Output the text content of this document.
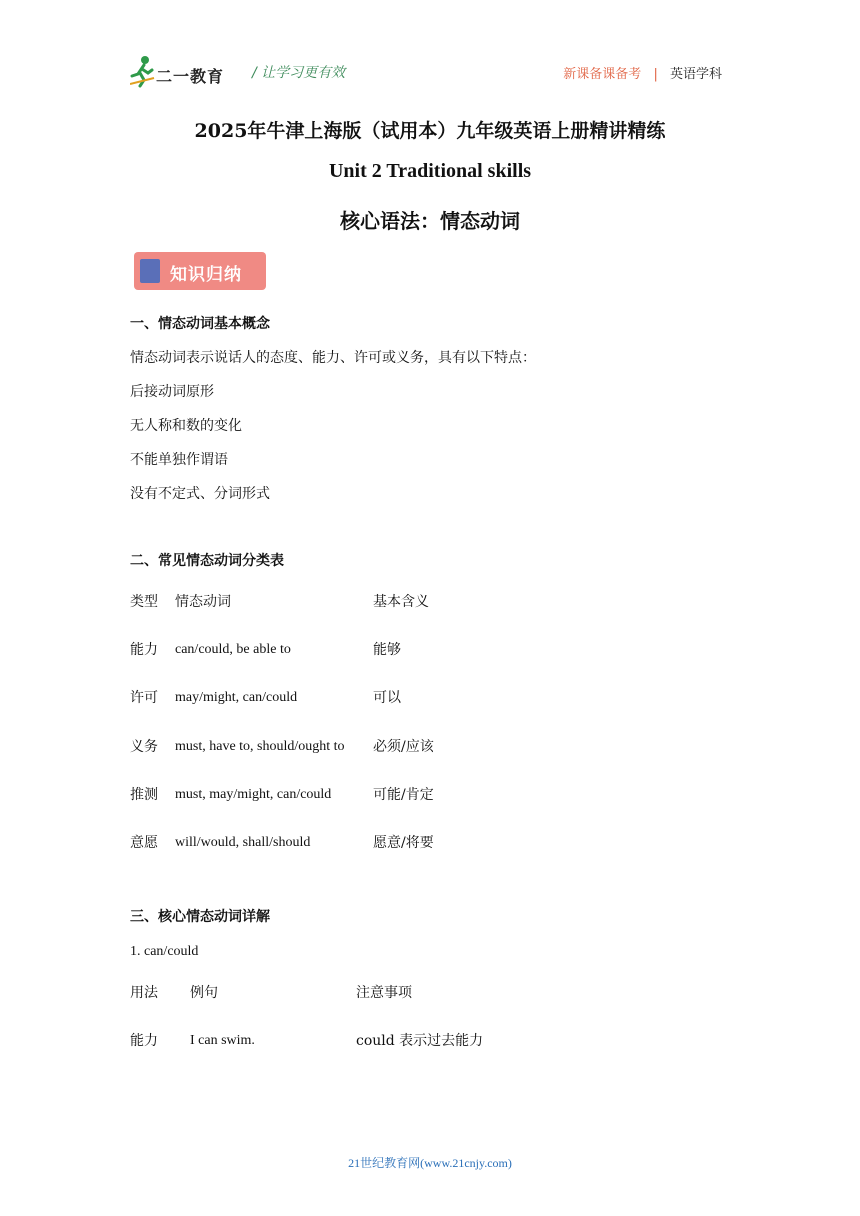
二一教育 / 让学习更有效	新课备课备考 | 英语学科
2025年牛津上海版（试用本）九年级英语上册精讲精练
Unit 2 Traditional skills
核心语法：情态动词
知识归纳
一、情态动词基本概念
情态动词表示说话人的态度、能力、许可或义务，具有以下特点：
后接动词原形
无人称和数的变化
不能单独作谓语
没有不定式、分词形式
二、常见情态动词分类表
类型 情态动词	基本含义
能力 can/could, be able to	能够
许可 may/might, can/could	可以
义务 must, have to, should/ought to 必须/应该
推测 must, may/might, can/could	可能/肯定
意愿 will/would, shall/should	愿意/将要
三、核心情态动词详解
1. can/could
用法 例句	注意事项
能力 I can swim.	could 表示过去能力
21世纪教育网(www.21cnjy.com)
